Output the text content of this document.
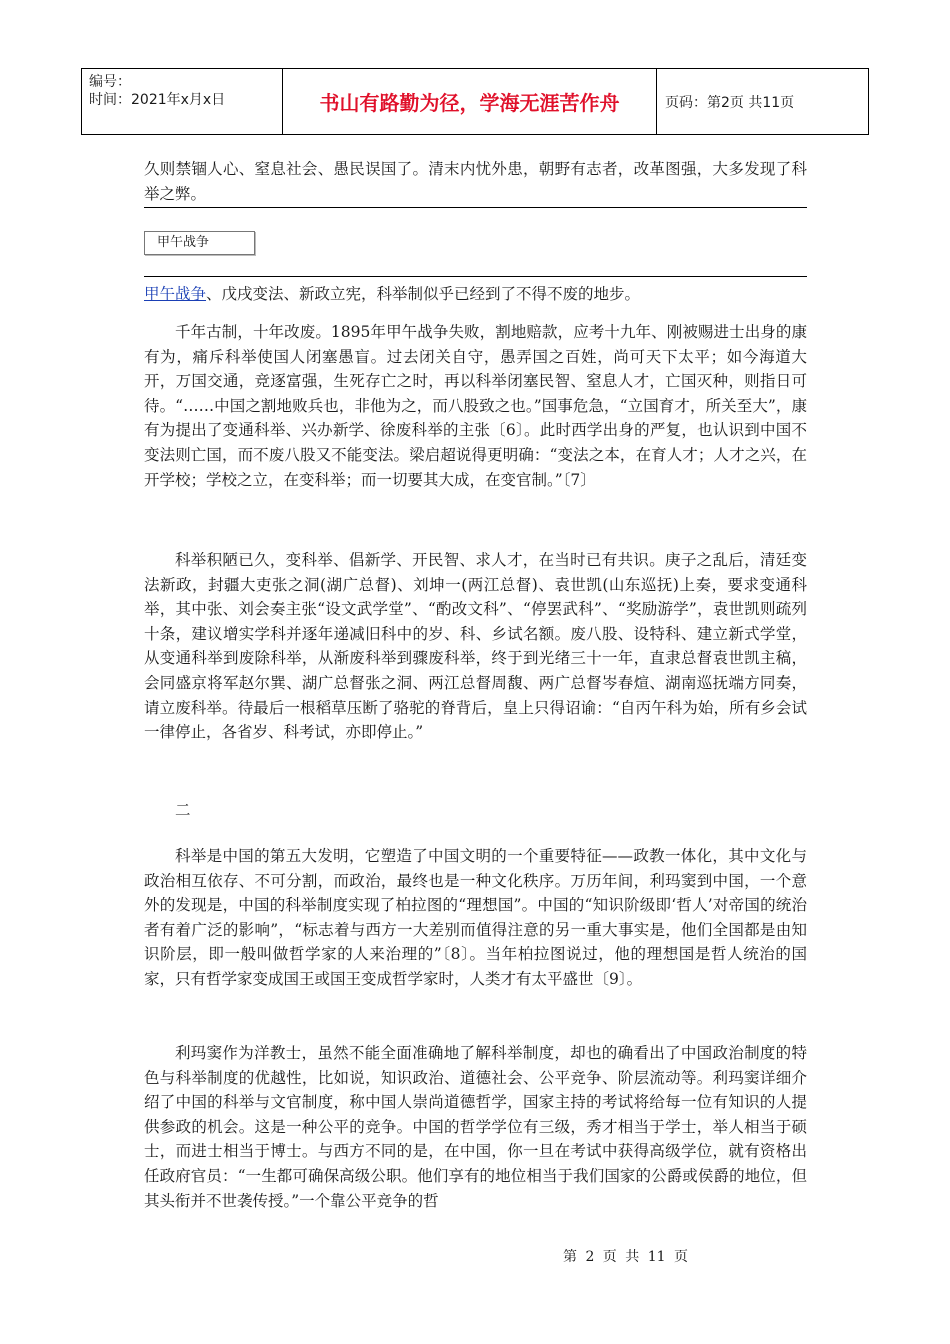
编号：
时间：2021年x月x日	书山有路勤为径，学海无涯苦作舟	页码：第2页 共11页
久则禁锢人心、窒息社会、愚民误国了。清末内忧外患，朝野有志者，改革图强，大多发现了科举之弊。
甲午战争
甲午战争、戊戌变法、新政立宪，科举制似乎已经到了不得不废的地步。
千年古制，十年改废。1895年甲午战争失败，割地赔款，应考十九年、刚被赐进士出身的康有为，痛斥科举使国人闭塞愚盲。过去闭关自守，愚弄国之百姓，尚可天下太平；如今海道大开，万国交通，竞逐富强，生死存亡之时，再以科举闭塞民智、窒息人才，亡国灭种，则指日可待。“……中国之割地败兵也，非他为之，而八股致之也。”国事危急，“立国育才，所关至大”，康有为提出了变通科举、兴办新学、徐废科举的主张〔6〕。此时西学出身的严复，也认识到中国不变法则亡国，而不废八股又不能变法。梁启超说得更明确：“变法之本，在育人才；人才之兴，在开学校；学校之立，在变科举；而一切要其大成，在变官制。”〔7〕
科举积陋已久，变科举、倡新学、开民智、求人才，在当时已有共识。庚子之乱后，清廷变法新政，封疆大吏张之洞(湖广总督)、刘坤一(两江总督)、袁世凯(山东巡抚)上奏，要求变通科举，其中张、刘会奏主张“设文武学堂”、“酌改文科”、“停罢武科”、“奖励游学”，袁世凯则疏列十条，建议增实学科并逐年递减旧科中的岁、科、乡试名额。废八股、设特科、建立新式学堂，从变通科举到废除科举，从渐废科举到骤废科举，终于到光绪三十一年，直隶总督袁世凯主稿，会同盛京将军赵尔巽、湖广总督张之洞、两江总督周馥、两广总督岑春煊、湖南巡抚端方同奏，请立废科举。待最后一根稻草压断了骆驼的脊背后，皇上只得诏谕：“自丙午科为始，所有乡会试一律停止，各省岁、科考试，亦即停止。”
二
科举是中国的第五大发明，它塑造了中国文明的一个重要特征——政教一体化，其中文化与政治相互依存、不可分割，而政治，最终也是一种文化秩序。万历年间，利玛窦到中国，一个意外的发现是，中国的科举制度实现了柏拉图的“理想国”。中国的“知识阶级即‘哲人’对帝国的统治者有着广泛的影响”，“标志着与西方一大差别而值得注意的另一重大事实是，他们全国都是由知识阶层，即一般叫做哲学家的人来治理的”〔8〕。当年柏拉图说过，他的理想国是哲人统治的国家，只有哲学家变成国王或国王变成哲学家时，人类才有太平盛世〔9〕。
利玛窦作为洋教士，虽然不能全面准确地了解科举制度，却也的确看出了中国政治制度的特色与科举制度的优越性，比如说，知识政治、道德社会、公平竞争、阶层流动等。利玛窦详细介绍了中国的科举与文官制度，称中国人崇尚道德哲学，国家主持的考试将给每一位有知识的人提供参政的机会。这是一种公平的竞争。中国的哲学学位有三级，秀才相当于学士，举人相当于硕士，而进士相当于博士。与西方不同的是，在中国，你一旦在考试中获得高级学位，就有资格出任政府官员：“一生都可确保高级公职。他们享有的地位相当于我们国家的公爵或侯爵的地位，但其头衔并不世袭传授。”一个靠公平竞争的哲
第 2 页 共 11 页
